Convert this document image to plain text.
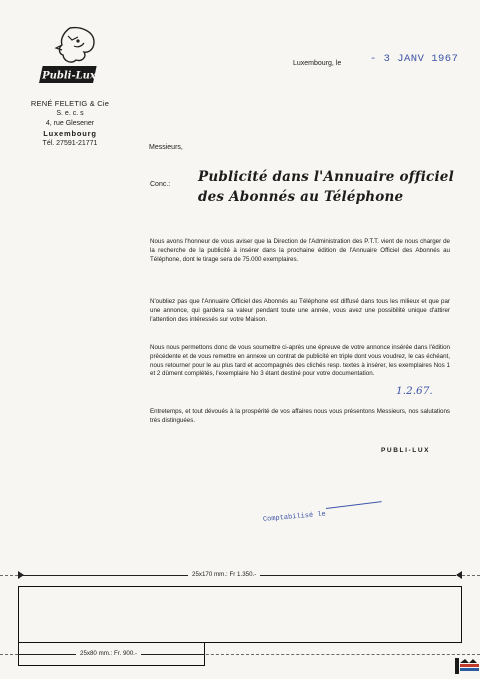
Publi-Lux
RENÉ FELETIG & Cie
S. e. c. s
4, rue Glesener
Luxembourg
Tél. 27591-21771
Luxembourg, le	- 3 JANV 1967
Messieurs,
Conc.: Publicité dans l'Annuaire officiel
des Abonnés au Téléphone
Nous avons l'honneur de vous aviser que la Direction de l'Administration des P.T.T. vient de nous charger de la recherche de la publicité à insérer dans la prochaine édition de l'Annuaire Officiel des Abonnés au Téléphone, dont le tirage sera de 75.000 exemplaires.
N'oubliez pas que l'Annuaire Officiel des Abonnés au Téléphone est diffusé dans tous les milieux et que par une annonce, qui gardera sa valeur pendant toute une année, vous avez une possibilité unique d'attirer l'attention des intéressés sur votre Maison.
Nous nous permettons donc de vous soumettre ci-après une épreuve de votre annonce insérée dans l'édition précédente et de vous remettre en annexe un contrat de publicité en triple dont vous voudrez, le cas échéant, nous retourner pour le au plus tard et accompagnés des clichés resp. textes à insérer, les exemplaires Nos 1 et 2 dûment complétés, l'exemplaire No 3 étant destiné pour votre documentation.
1.2.67.
Entretemps, et tout dévoués à la prospérité de vos affaires nous vous présentons Messieurs, nos salutations très distinguées.
PUBLI-LUX
Comptabilisé le
25x170 mm.: Fr 1.350.-
25x80 mm.: Fr. 900.-
